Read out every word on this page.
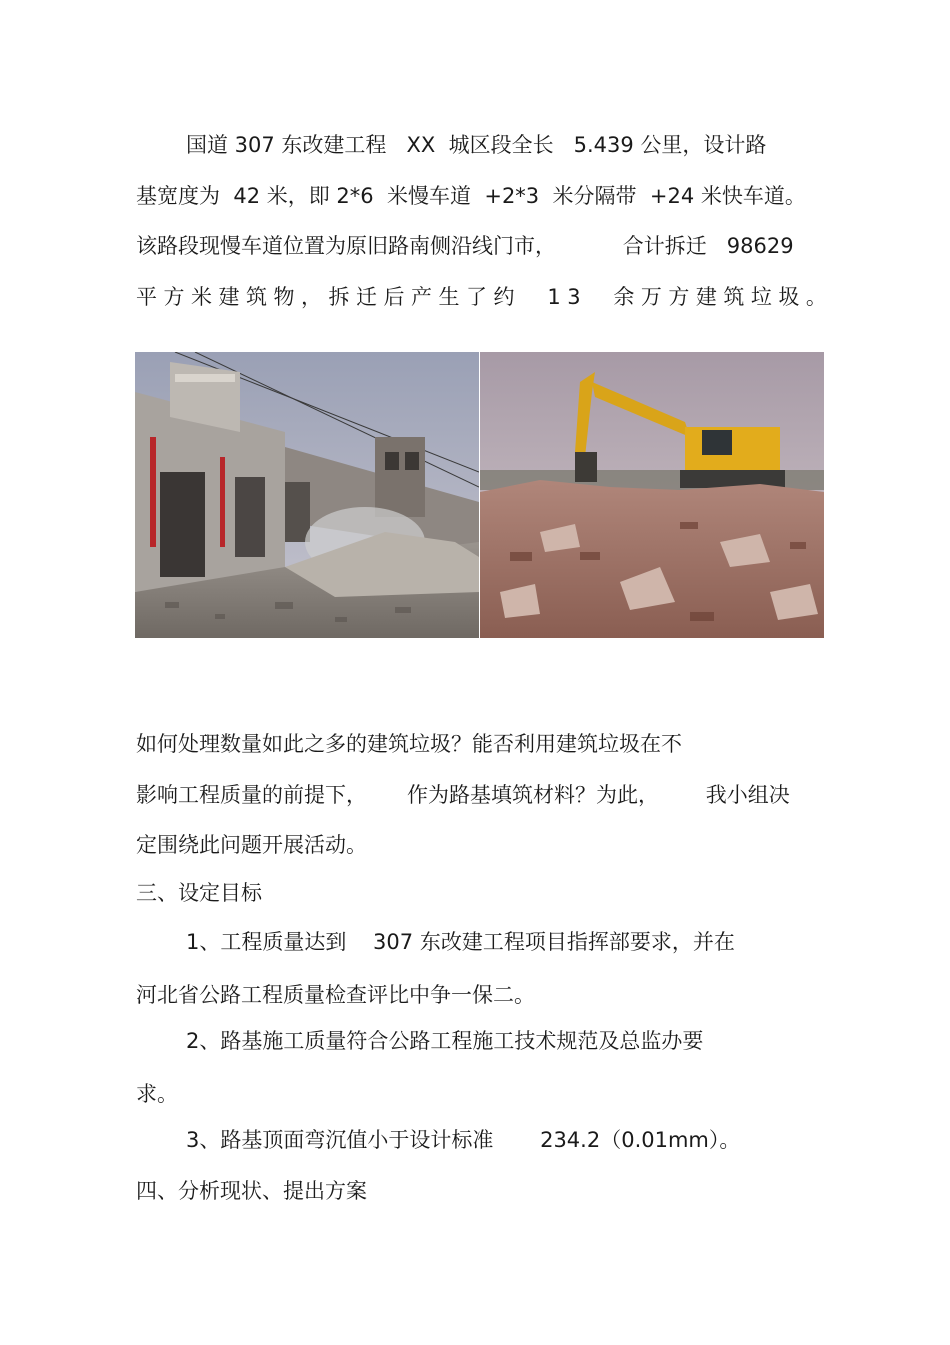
国道 307 东改建工程   XX  城区段全长   5.439 公里，设计路
基宽度为  42 米，即 2*6  米慢车道  +2*3  米分隔带  +24 米快车道。
该路段现慢车道位置为原旧路南侧沿线门市，          合计拆迁   98629
平方米建筑物，拆迁后产生了约  13  余万方建筑垃圾。
如何处理数量如此之多的建筑垃圾？能否利用建筑垃圾在不
影响工程质量的前提下，      作为路基填筑材料？为此，       我小组决
定围绕此问题开展活动。
三、设定目标
1、工程质量达到    307 东改建工程项目指挥部要求，并在
河北省公路工程质量检查评比中争一保二。
2、路基施工质量符合公路工程施工技术规范及总监办要
求。
3、路基顶面弯沉值小于设计标准       234.2（0.01mm）。
四、分析现状、提出方案
